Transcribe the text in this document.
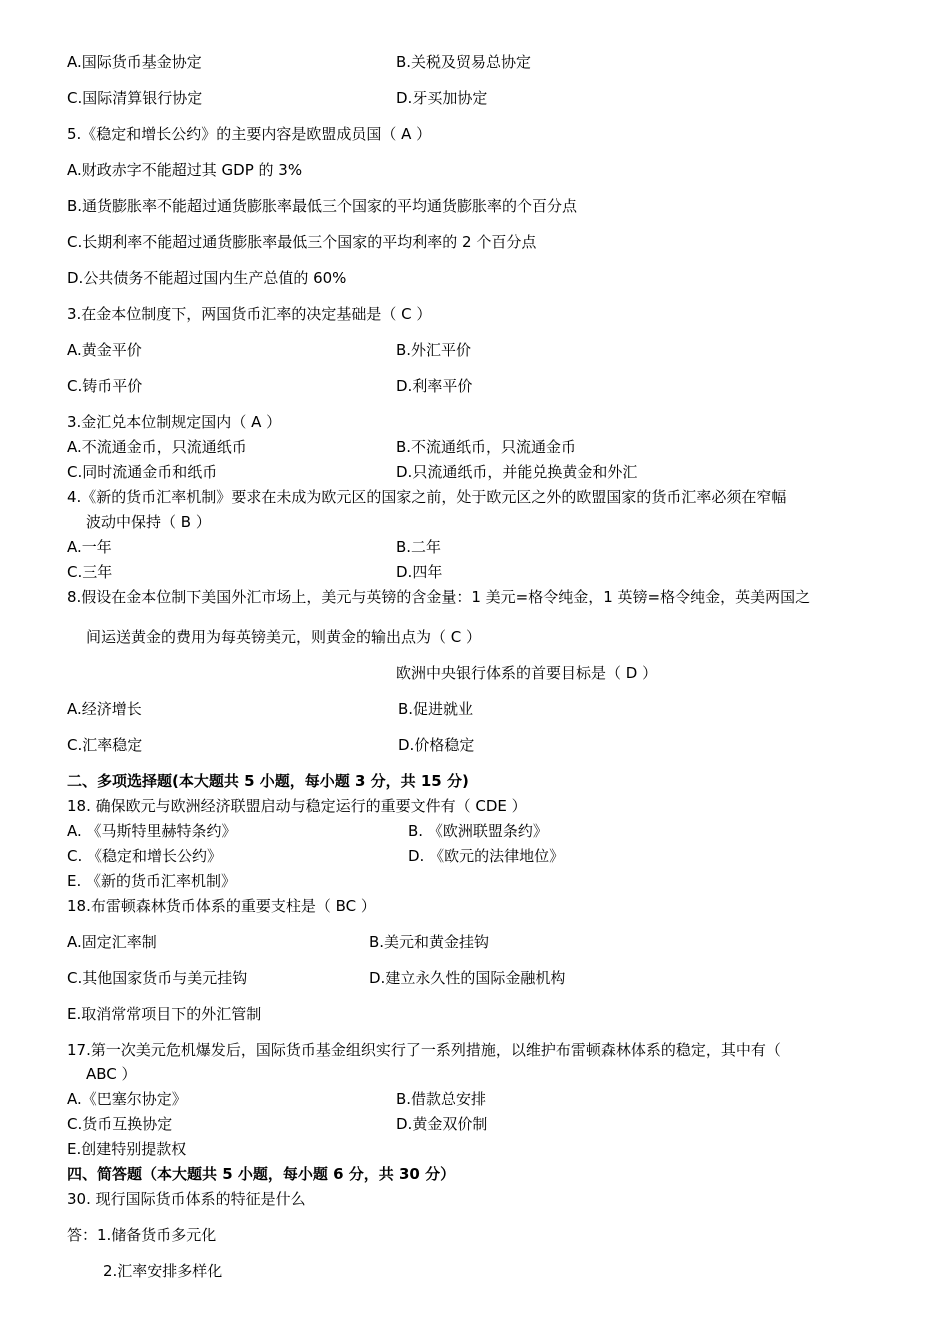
A.国际货币基金协定	B.关税及贸易总协定
C.国际清算银行协定	D.牙买加协定
5.《稳定和增长公约》的主要内容是欧盟成员国（ A ）
A.财政赤字不能超过其 GDP 的 3%
B.通货膨胀率不能超过通货膨胀率最低三个国家的平均通货膨胀率的个百分点
C.长期利率不能超过通货膨胀率最低三个国家的平均利率的 2 个百分点
D.公共债务不能超过国内生产总值的 60%
3.在金本位制度下，两国货币汇率的决定基础是（ C ）
A.黄金平价	B.外汇平价
C.铸币平价	D.利率平价
3.金汇兑本位制规定国内（ A ）
A.不流通金币，只流通纸币	B.不流通纸币，只流通金币
C.同时流通金币和纸币	D.只流通纸币，并能兑换黄金和外汇
4.《新的货币汇率机制》要求在未成为欧元区的国家之前，处于欧元区之外的欧盟国家的货币汇率必须在窄幅
波动中保持（ B ）
A.一年	B.二年
C.三年	D.四年
8.假设在金本位制下美国外汇市场上，美元与英镑的含金量：1 美元=格令纯金，1 英镑=格令纯金，英美两国之
间运送黄金的费用为每英镑美元，则黄金的输出点为（ C ）
欧洲中央银行体系的首要目标是（ D ）
A.经济增长	B.促进就业
C.汇率稳定	D.价格稳定
二、多项选择题(本大题共 5 小题，每小题 3 分，共 15 分)
18. 确保欧元与欧洲经济联盟启动与稳定运行的重要文件有（ CDE ）
A. 《马斯特里赫特条约》	B. 《欧洲联盟条约》
C. 《稳定和增长公约》	D. 《欧元的法律地位》
E. 《新的货币汇率机制》
18.布雷顿森林货币体系的重要支柱是（ BC ）
A.固定汇率制	B.美元和黄金挂钩
C.其他国家货币与美元挂钩	D.建立永久性的国际金融机构
E.取消常常项目下的外汇管制
17.第一次美元危机爆发后，国际货币基金组织实行了一系列措施，以维护布雷顿森林体系的稳定，其中有（
ABC ）
A.《巴塞尔协定》	B.借款总安排
C.货币互换协定	D.黄金双价制
E.创建特别提款权
四、简答题（本大题共 5 小题，每小题 6 分，共 30 分）
30. 现行国际货币体系的特征是什么
答：1.储备货币多元化
2.汇率安排多样化
